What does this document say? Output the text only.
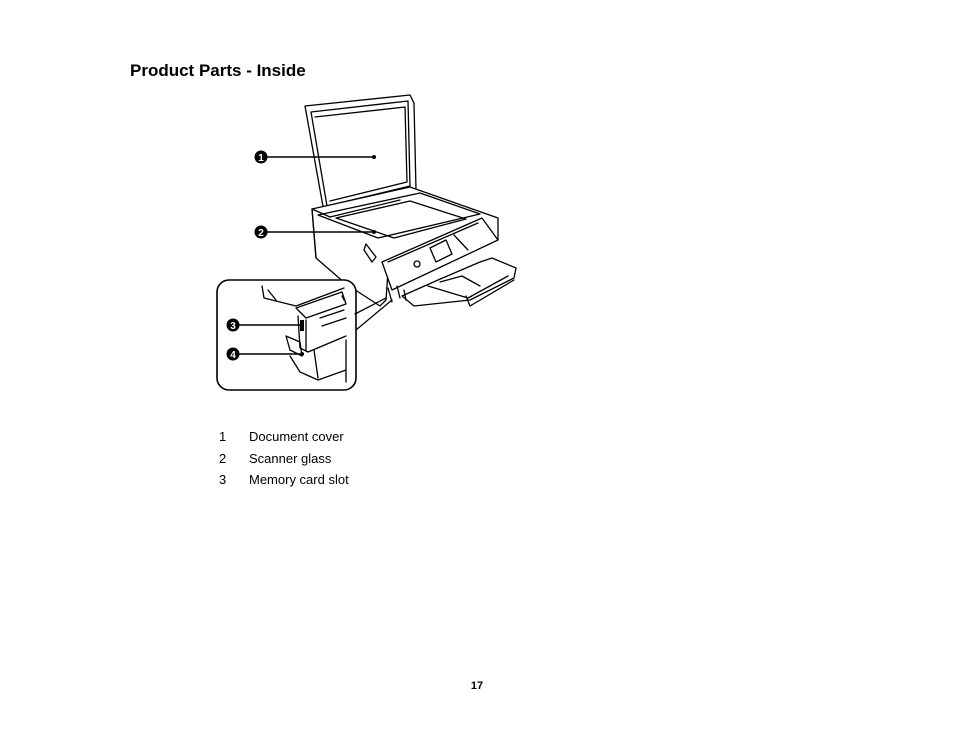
Product Parts - Inside
1
2
3
4
1	Document cover
2	Scanner glass
3	Memory card slot
17
